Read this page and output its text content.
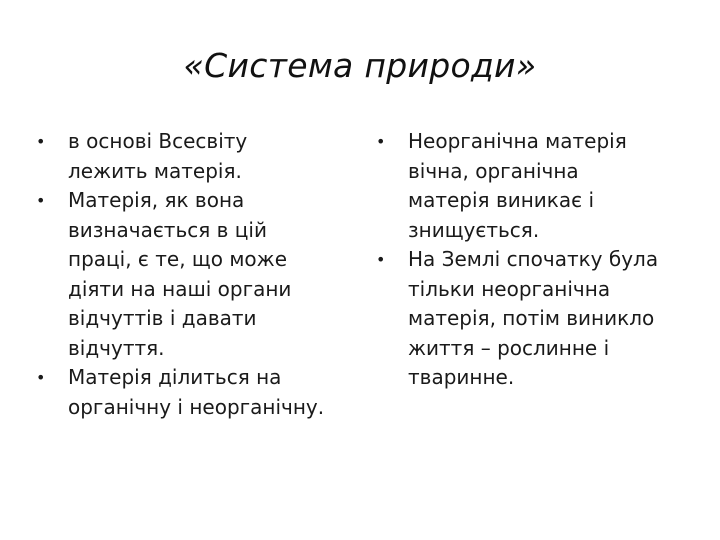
«Система природи»
• в основі Всесвіту
лежить матерія.
• Матерія, як вона
визначається в цій
праці, є те, що може
діяти на наші органи
відчуттів і давати
відчуття.
• Матерія ділиться на
органічну і неорганічну.
• Неорганічна матерія
вічна, органічна
матерія виникає і
знищується.
• На Землі спочатку була
тільки неорганічна
матерія, потім виникло
життя – рослинне і
тваринне.
